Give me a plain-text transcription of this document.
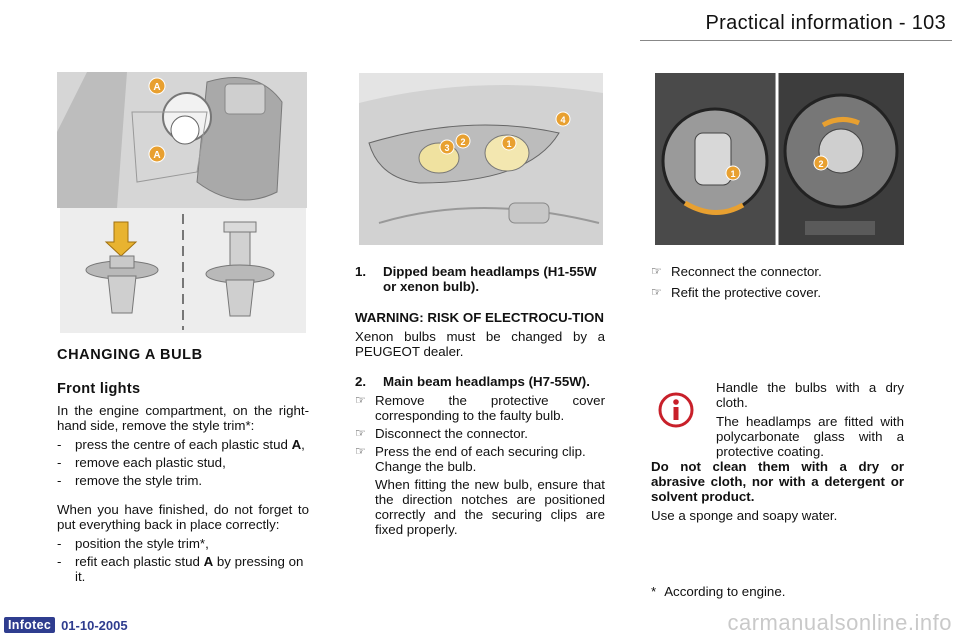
Practical information - 103
A
A
3
2	1
4
1
2

CHANGING A BULB

Front lights

In the engine compartment, on the right-hand side, remove the style trim*:

- press the centre of each plastic stud A,
- remove each plastic stud,
- remove the style trim.

When you have finished, do not forget to put everything back in place correctly:

- position the style trim*,
- refit each plastic stud A by pressing on it.
1. Dipped beam headlamps (H1-55W or xenon bulb).

WARNING: RISK OF ELECTROCU-TION

Xenon bulbs must be changed by a PEUGEOT dealer.

2. Main beam headlamps (H7-55W).
☞ Remove the protective cover corresponding to the faulty bulb.
☞ Disconnect the connector.
☞ Press the end of each securing clip. Change the bulb.

When fitting the new bulb, ensure that the direction notches are positioned correctly and the securing clips are fixed properly.

☞ Reconnect the connector.
☞ Refit the protective cover.

Handle the bulbs with a dry cloth.

The headlamps are fitted with polycarbonate glass with a protective coating.
Do not clean them with a dry or abrasive cloth, nor with a detergent or solvent product.

Use a sponge and soapy water.

* According to engine.
Infotec 01-10-2005	carmanualsonline.info
